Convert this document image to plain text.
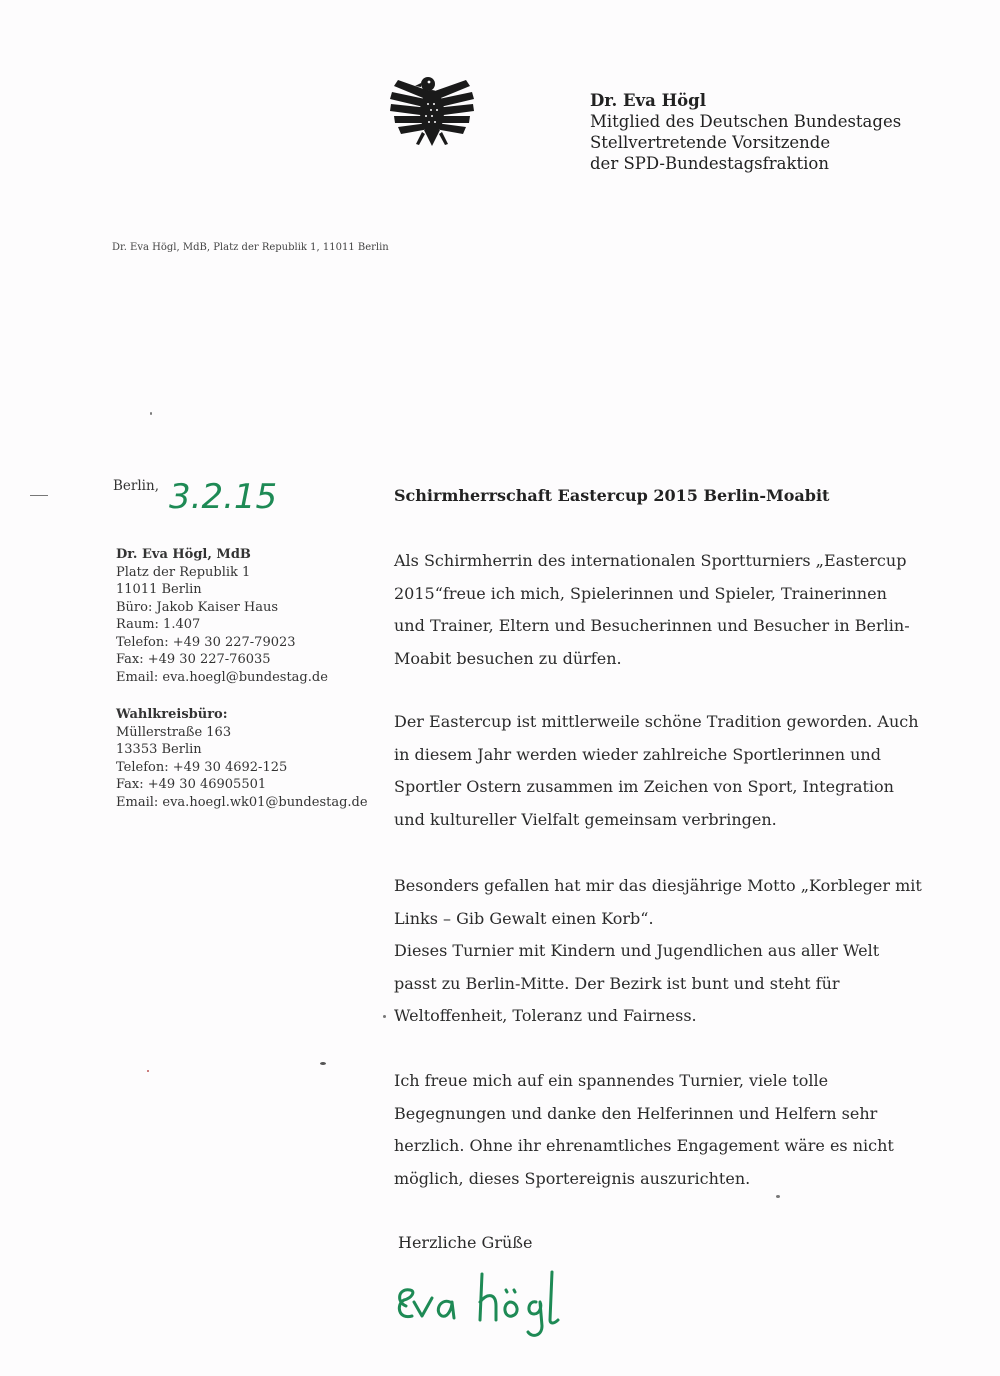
Dr. Eva Högl
Mitglied des Deutschen Bundestages
Stellvertretende Vorsitzende
der SPD-Bundestagsfraktion
Dr. Eva Högl, MdB, Platz der Republik 1, 11011 Berlin
Berlin, 3.2.15	Schirmherrschaft Eastercup 2015 Berlin-Moabit
Dr. Eva Högl, MdB
Platz der Republik 1
11011 Berlin
Büro: Jakob Kaiser Haus
Raum: 1.407
Telefon: +49 30 227-79023
Fax: +49 30 227-76035
Email: eva.hoegl@bundestag.de
Wahlkreisbüro:
Müllerstraße 163
13353 Berlin
Telefon: +49 30 4692-125
Fax: +49 30 46905501
Email: eva.hoegl.wk01@bundestag.de
Als Schirmherrin des internationalen Sportturniers „Eastercup
2015“freue ich mich, Spielerinnen und Spieler, Trainerinnen
und Trainer, Eltern und Besucherinnen und Besucher in Berlin-
Moabit besuchen zu dürfen.
Der Eastercup ist mittlerweile schöne Tradition geworden. Auch
in diesem Jahr werden wieder zahlreiche Sportlerinnen und
Sportler Ostern zusammen im Zeichen von Sport, Integration
und kultureller Vielfalt gemeinsam verbringen.
Besonders gefallen hat mir das diesjährige Motto „Korbleger mit
Links – Gib Gewalt einen Korb“.
Dieses Turnier mit Kindern und Jugendlichen aus aller Welt
passt zu Berlin-Mitte. Der Bezirk ist bunt und steht für
Weltoffenheit, Toleranz und Fairness.
Ich freue mich auf ein spannendes Turnier, viele tolle
Begegnungen und danke den Helferinnen und Helfern sehr
herzlich. Ohne ihr ehrenamtliches Engagement wäre es nicht
möglich, dieses Sportereignis auszurichten.
Herzliche Grüße
